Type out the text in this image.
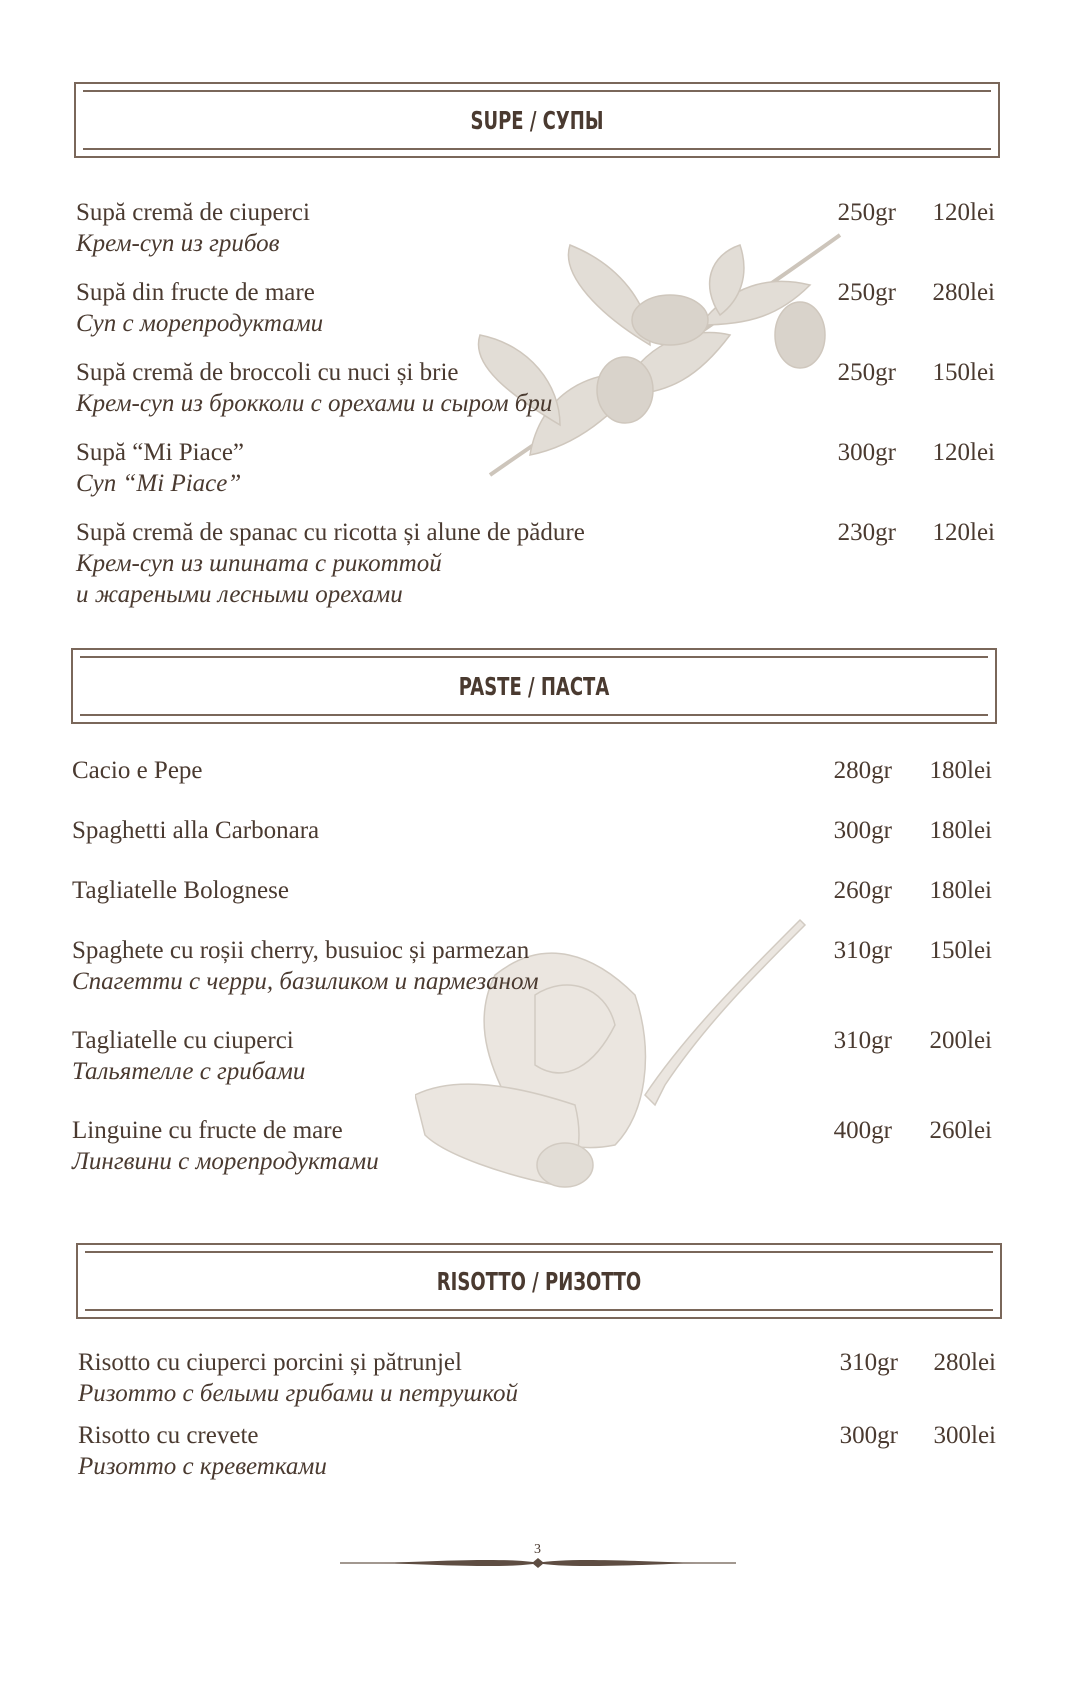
SUPE / СУПЫ
Supă cremă de ciuperci
Крем-суп из грибов
250gr	120lei
Supă din fructe de mare
Суп с морепродуктами
250gr	280lei
Supă cremă de broccoli cu nuci și brie
Крем-суп из брокколи с орехами и сыром бри
250gr	150lei
Supă “Mi Piace”
Суп “Mi Piace”
300gr	120lei
Supă cremă de spanac cu ricotta și alune de pădure
Крем-суп из шпината с рикоттой
и жареными лесными орехами
230gr	120lei
PASTE / ПАСТА
Cacio e Pepe	280gr	180lei
Spaghetti alla Carbonara	300gr	180lei
Tagliatelle Bolognese	260gr	180lei
Spaghete cu roșii cherry, busuioc și parmezan
Спагетти с черри, базиликом и пармезаном
310gr	150lei
Tagliatelle cu ciuperci
Тальятелле с грибами
310gr	200lei
Linguine cu fructe de mare
Лингвини с морепродуктами
400gr	260lei
RISOTTO / РИЗОТТО
Risotto cu ciuperci porcini și pătrunjel
Ризотто с белыми грибами и петрушкой
310gr	280lei
Risotto cu crevete
Ризотто с креветками
300gr	300lei
3
